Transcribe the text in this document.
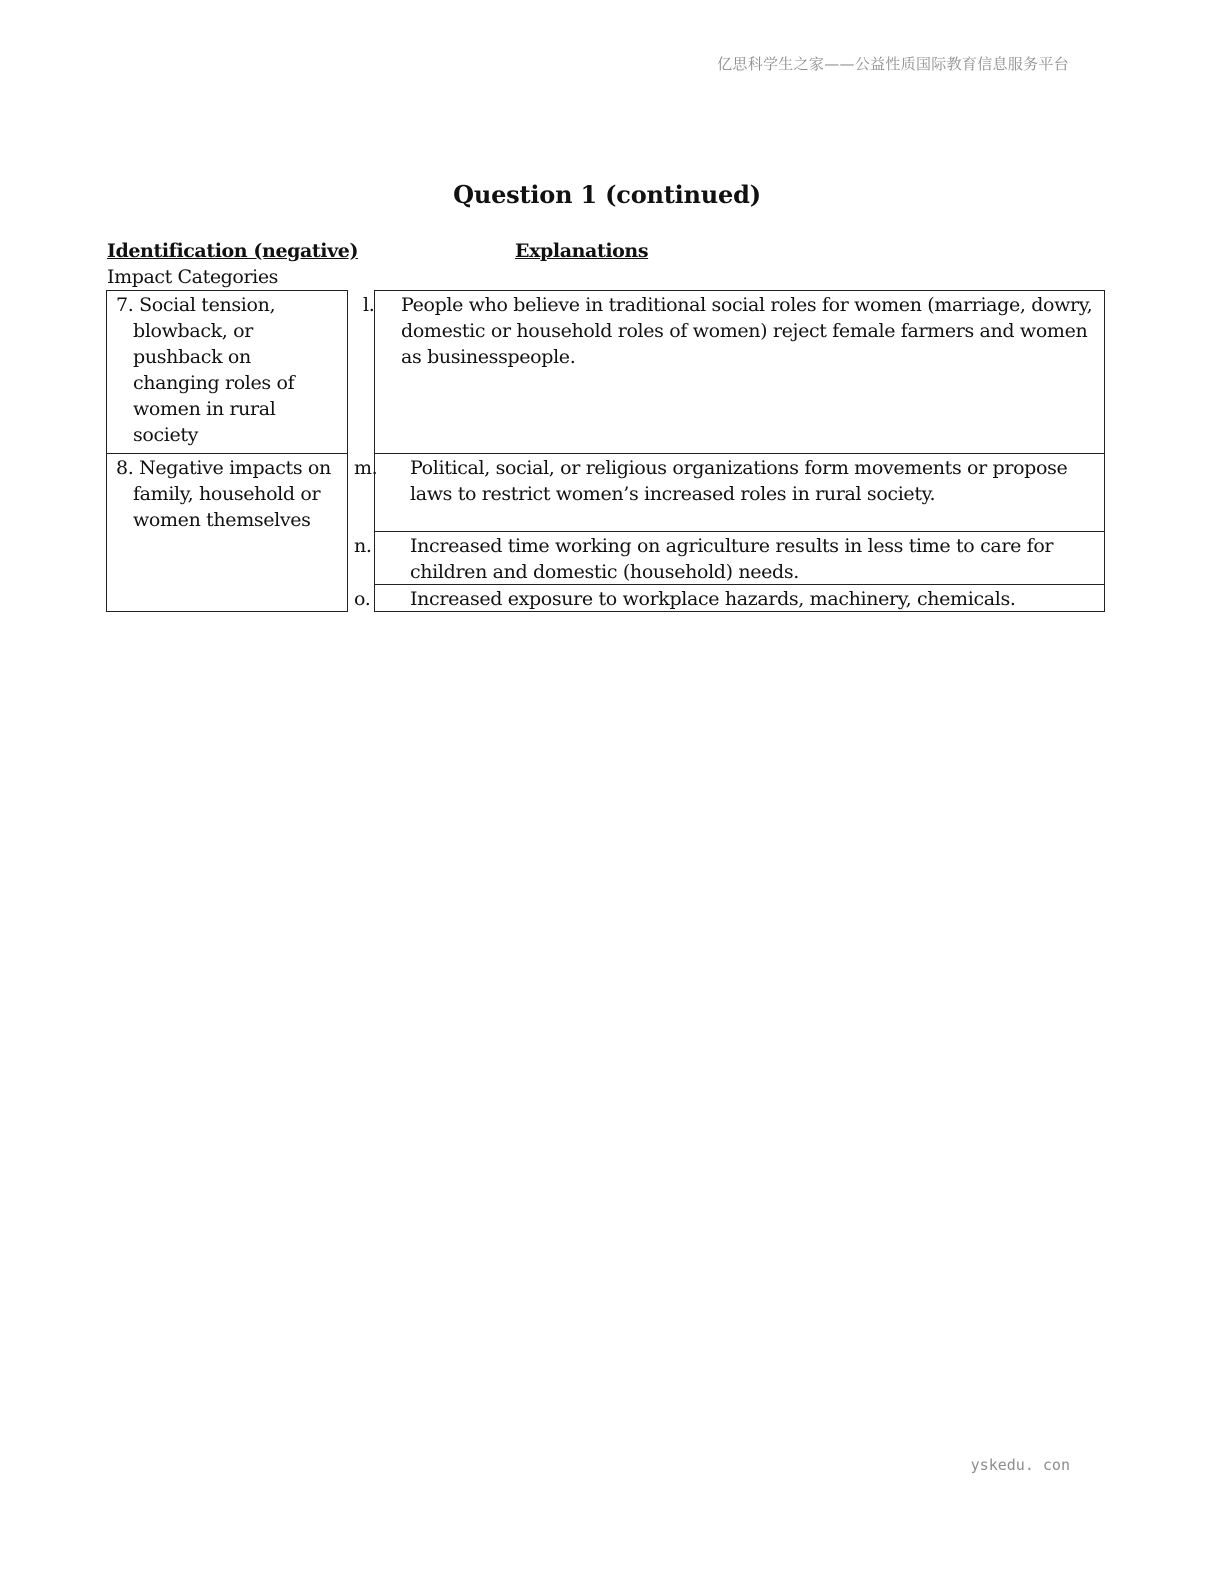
亿思科学生之家——公益性质国际教育信息服务平台
Question 1 (continued)
Identification (negative)
Impact Categories
Explanations
7. Social tension, blowback, or pushback on changing roles of women in rural society
8. Negative impacts on family, household or women themselves
l. People who believe in traditional social roles for women (marriage, dowry, domestic or household roles of women) reject female farmers and women as businesspeople.
m. Political, social, or religious organizations form movements or propose laws to restrict women’s increased roles in rural society.
n. Increased time working on agriculture results in less time to care for children and domestic (household) needs.
o. Increased exposure to workplace hazards, machinery, chemicals.
yskedu. con
